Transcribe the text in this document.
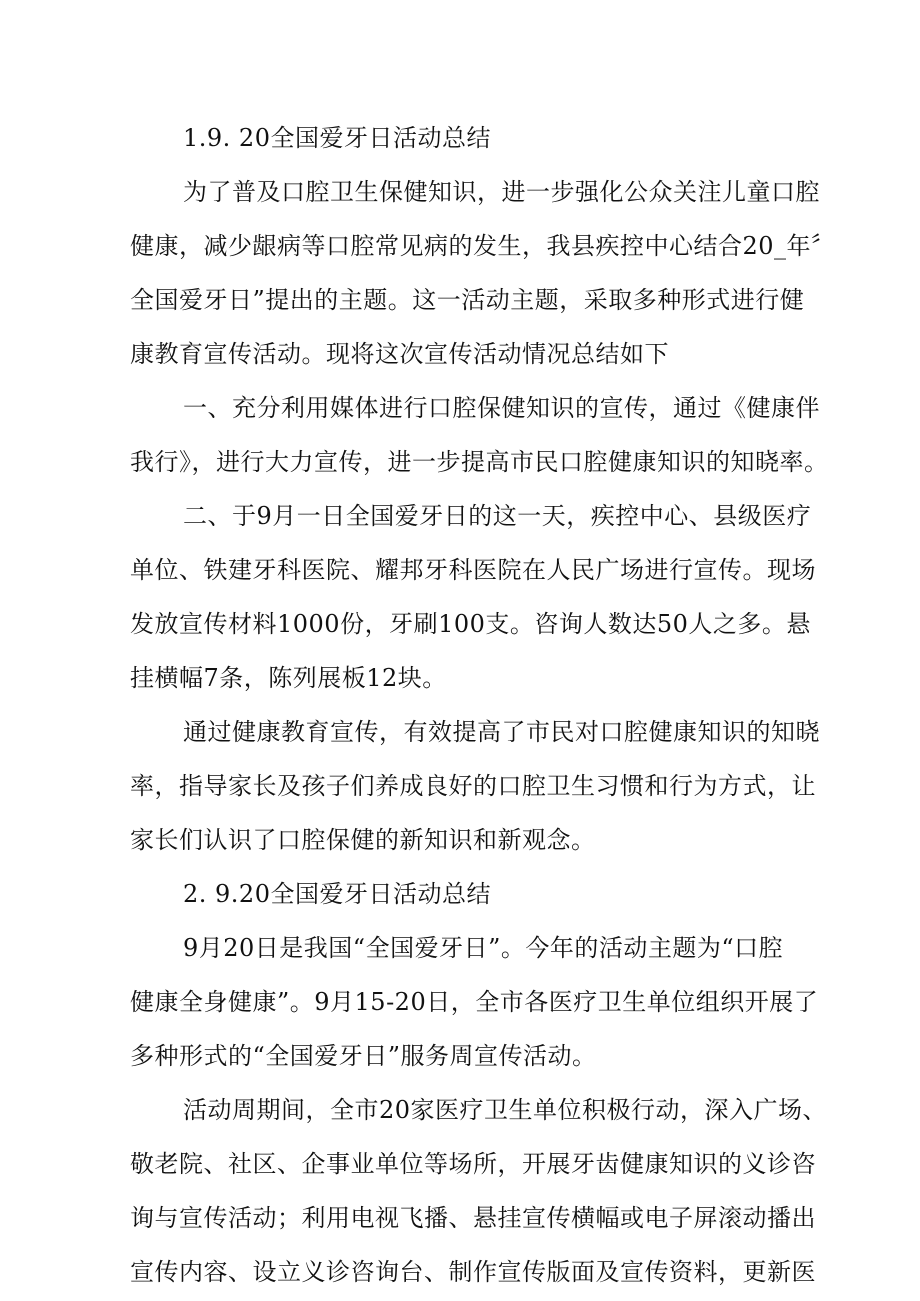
1.9. 20全国爱牙日活动总结
为了普及口腔卫生保健知识，进一步强化公众关注儿童口腔
健康，减少龈病等口腔常见病的发生，我县疾控中心结合20_年〞
全国爱牙日”提出的主题。这一活动主题，采取多种形式进行健
康教育宣传活动。现将这次宣传活动情况总结如下
一、充分利用媒体进行口腔保健知识的宣传，通过《健康伴
我行》，进行大力宣传，进一步提高市民口腔健康知识的知晓率。
二、于9月一日全国爱牙日的这一天，疾控中心、县级医疗
单位、铁建牙科医院、耀邦牙科医院在人民广场进行宣传。现场
发放宣传材料1000份，牙刷100支。咨询人数达50人之多。悬
挂横幅7条，陈列展板12块。
通过健康教育宣传，有效提高了市民对口腔健康知识的知晓
率，指导家长及孩子们养成良好的口腔卫生习惯和行为方式，让
家长们认识了口腔保健的新知识和新观念。
2. 9.20全国爱牙日活动总结
9月20日是我国“全国爱牙日”。今年的活动主题为“口腔
健康全身健康”。9月15-20日，全市各医疗卫生单位组织开展了
多种形式的“全国爱牙日”服务周宣传活动。
活动周期间，全市20家医疗卫生单位积极行动，深入广场、
敬老院、社区、企事业单位等场所，开展牙齿健康知识的义诊咨
询与宣传活动；利用电视飞播、悬挂宣传横幅或电子屏滚动播出
宣传内容、设立义诊咨询台、制作宣传版面及宣传资料，更新医
